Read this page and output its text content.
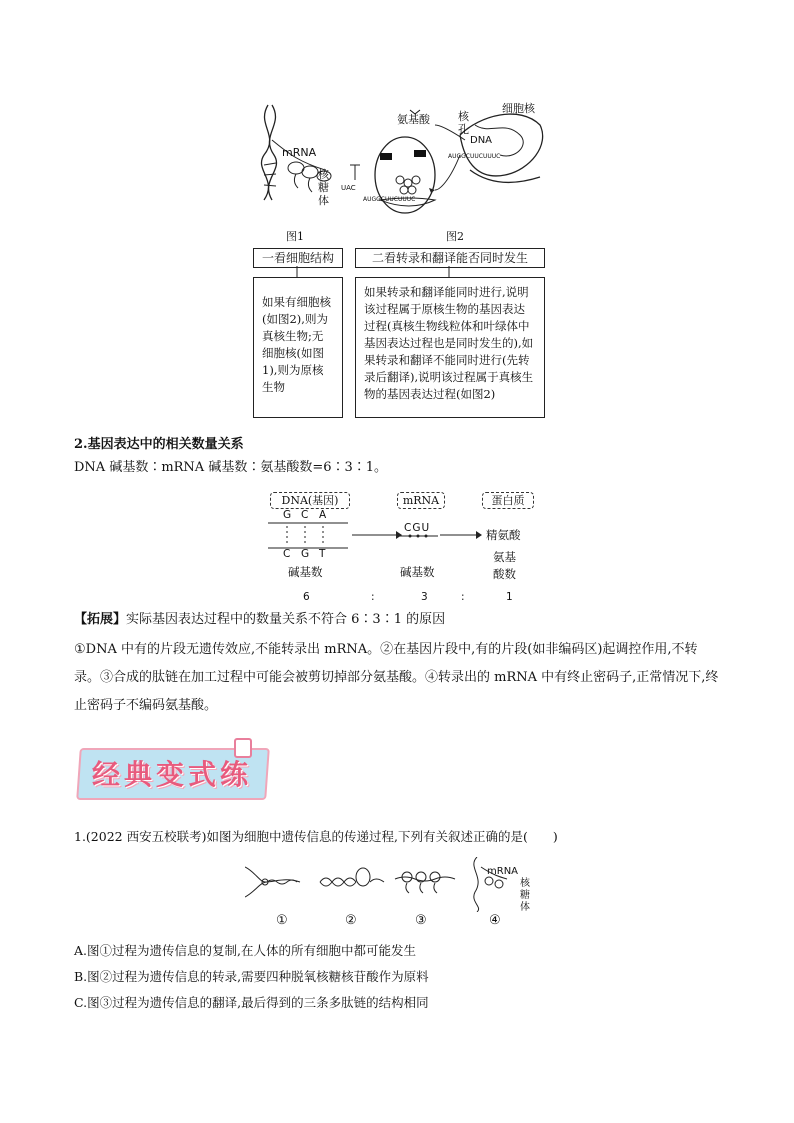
mRNA
核糖体
图1
氨基酸
细胞核
核孔
DNA
AUGGCUUCUUUC
AUGGCUUCUUUC
UAC
图2
一看细胞结构	二看转录和翻译能否同时发生
如果有细胞核(如图2),则为真核生物;无细胞核(如图1),则为原核生物
如果转录和翻译能同时进行,说明该过程属于原核生物的基因表达过程(真核生物线粒体和叶绿体中基因表达过程也是同时发生的),如果转录和翻译不能同时进行(先转录后翻译),说明该过程属于真核生物的基因表达过程(如图2)
2.基因表达中的相关数量关系
DNA 碱基数∶mRNA 碱基数∶氨基酸数=6∶3∶1。
DNA(基因)	mRNA	蛋白质
G C A
C G T
CGU	精氨酸
碱基数	碱基数
氨基
酸数
6	:	3	:	1
【拓展】实际基因表达过程中的数量关系不符合 6∶3∶1 的原因
①DNA 中有的片段无遗传效应,不能转录出 mRNA。②在基因片段中,有的片段(如非编码区)起调控作用,不转录。③合成的肽链在加工过程中可能会被剪切掉部分氨基酸。④转录出的 mRNA 中有终止密码子,正常情况下,终止密码子不编码氨基酸。
经典变式练
1.(2022 西安五校联考)如图为细胞中遗传信息的传递过程,下列有关叙述正确的是(　　)
mRNA
核糖体
①	②	③	④
A.图①过程为遗传信息的复制,在人体的所有细胞中都可能发生
B.图②过程为遗传信息的转录,需要四种脱氧核糖核苷酸作为原料
C.图③过程为遗传信息的翻译,最后得到的三条多肽链的结构相同
